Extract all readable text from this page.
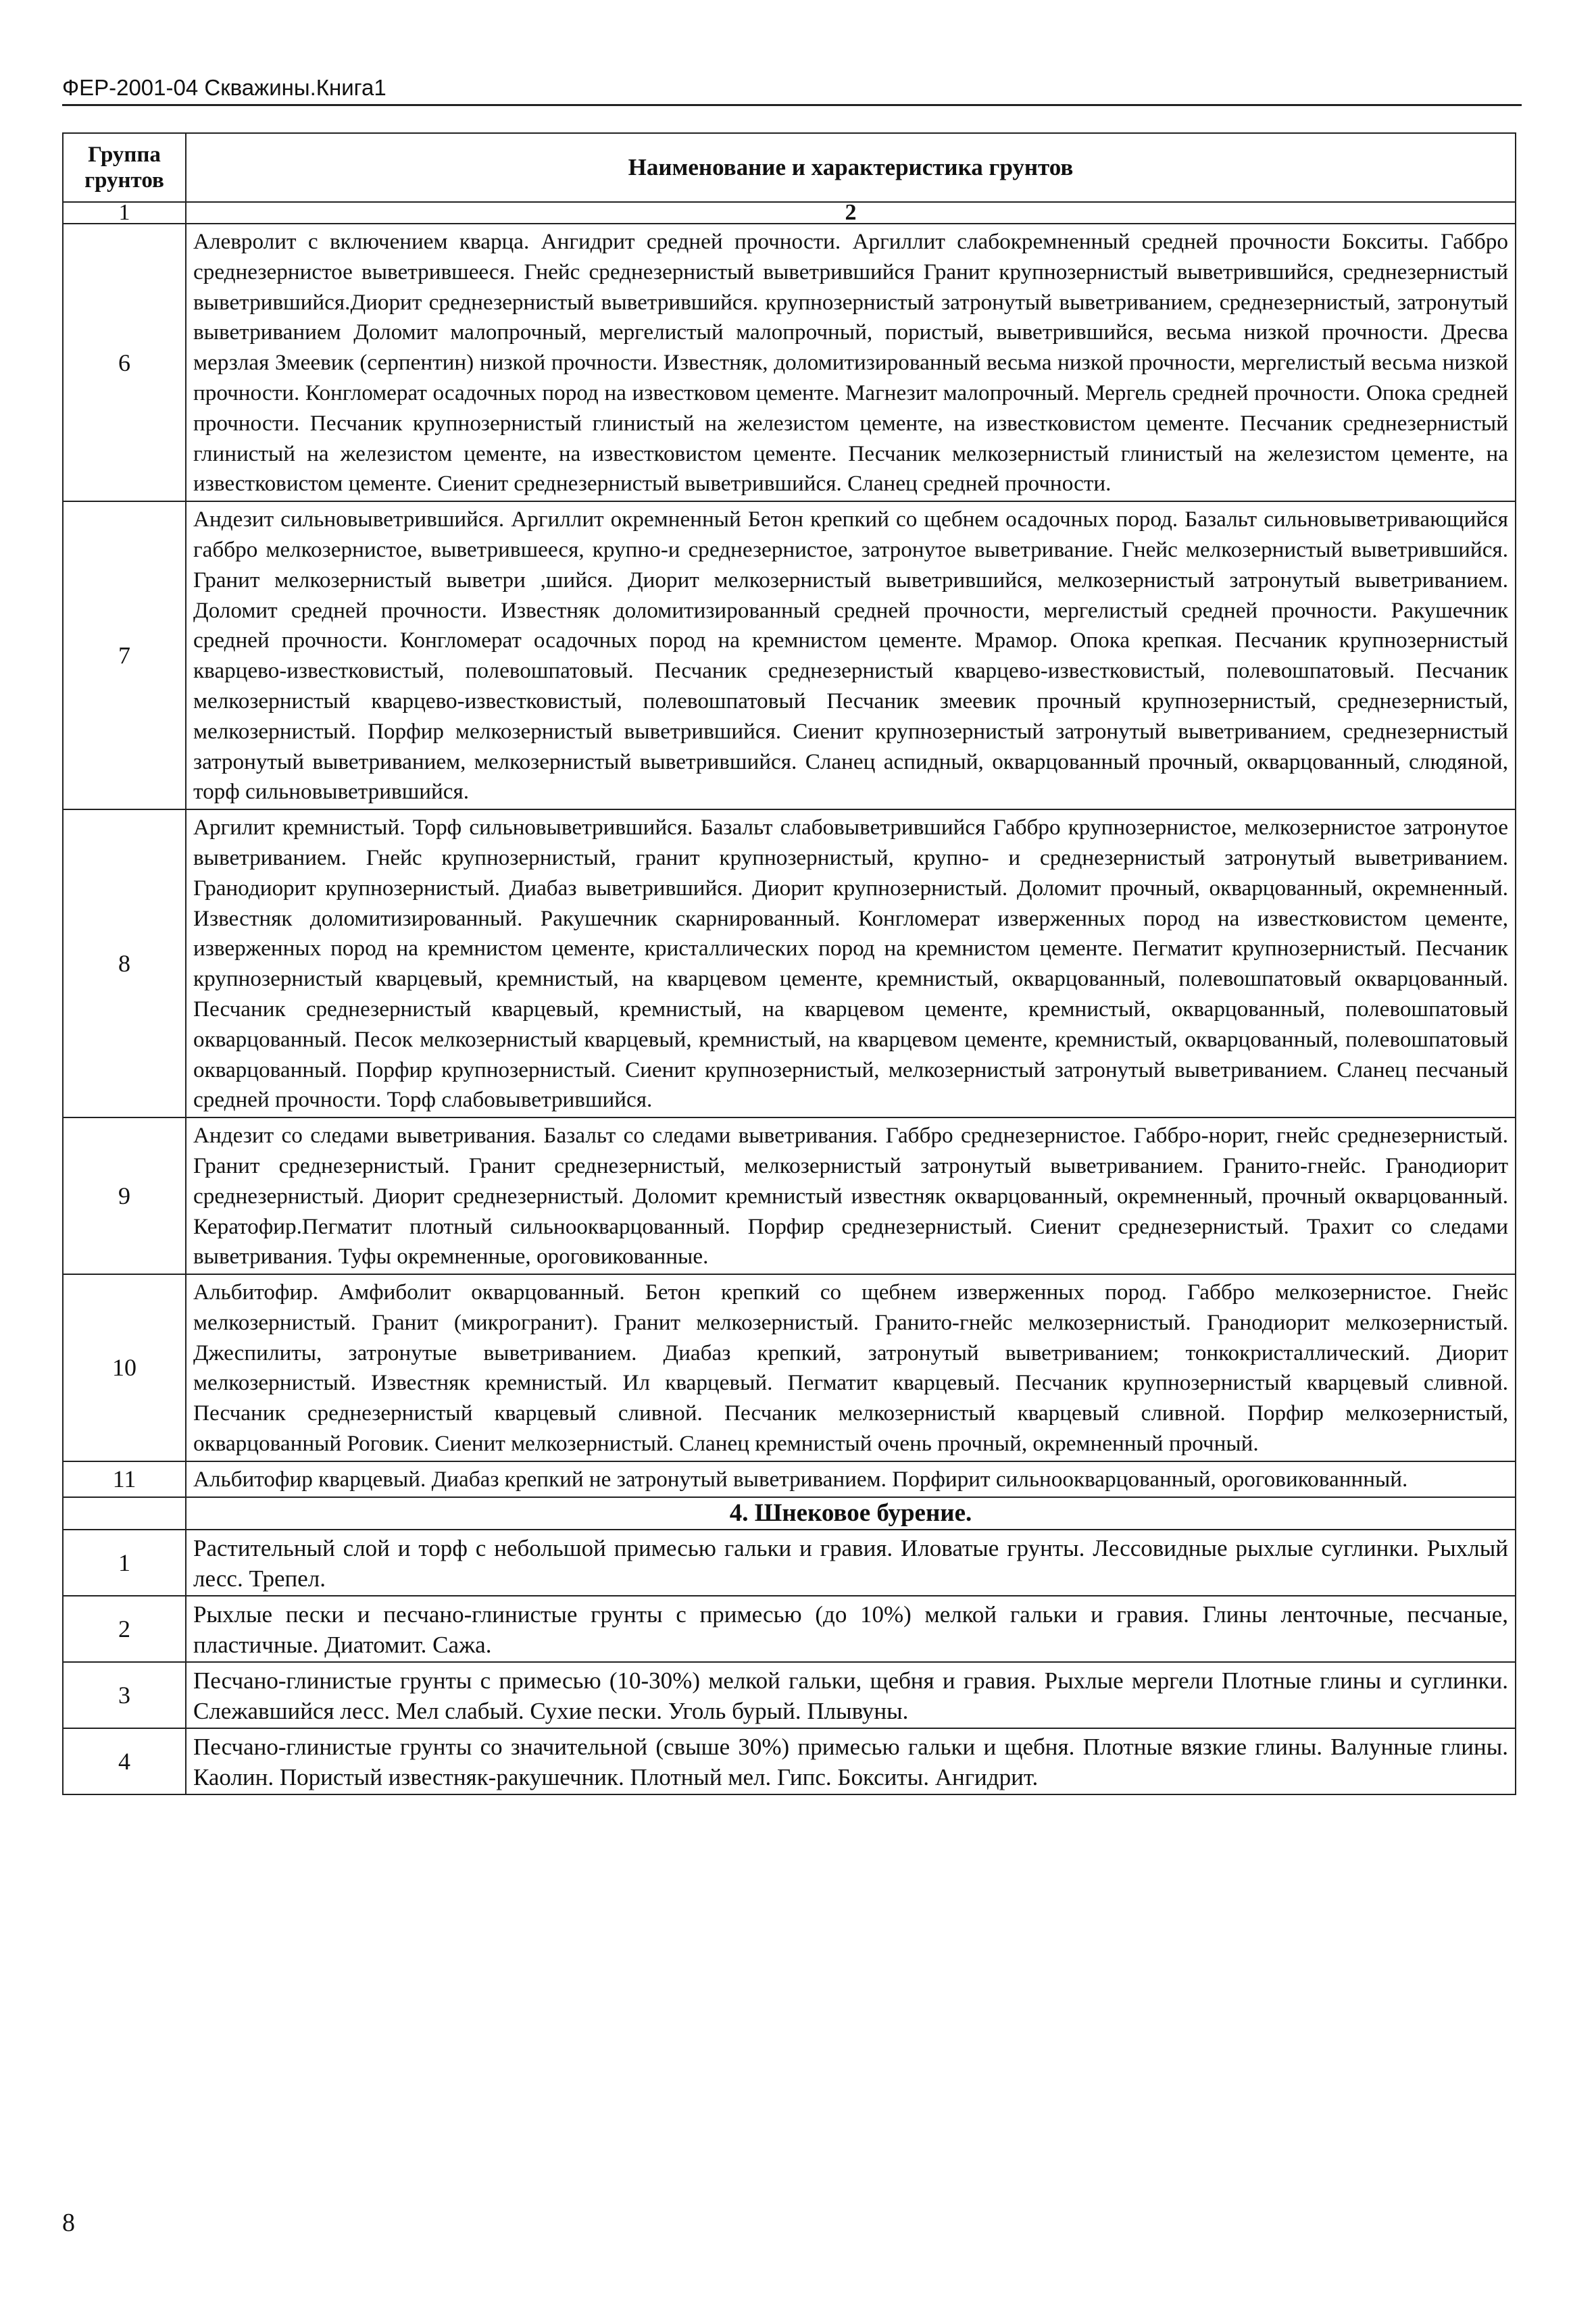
ФЕР-2001-04 Скважины.Книга1
Группа грунтов	Наименование и характеристика грунтов
1	2
6	Алевролит с включением кварца. Ангидрит средней прочности. Аргиллит слабокремненный средней прочности Бокситы. Габбро среднезернистое выветрившееся. Гнейс среднезернистый выветрившийся Гранит крупнозернистый выветрившийся, среднезернистый выветрившийся.Диорит среднезернистый выветрившийся. крупнозернистый затронутый выветриванием, среднезернистый, затронутый выветриванием Доломит малопрочный, мергелистый малопрочный, пористый, выветрившийся, весьма низкой прочности. Дресва мерзлая Змеевик (серпентин) низкой прочности. Известняк, доломитизированный весьма низкой прочности, мергелистый весьма низкой прочности. Конгломерат осадочных пород на известковом цементе. Магнезит малопрочный. Мергель средней прочности. Опока средней прочности. Песчаник крупнозернистый глинистый на железистом цементе, на известковистом цементе. Песчаник среднезернистый глинистый на железистом цементе, на известковистом цементе. Песчаник мелкозернистый глинистый на железистом цементе, на известковистом цементе. Сиенит среднезернистый выветрившийся. Сланец средней прочности.
7	Андезит сильновыветрившийся. Аргиллит окремненный Бетон крепкий со щебнем осадочных пород. Базальт сильновыветривающийся габбро мелкозернистое, выветрившееся, крупно-и среднезернистое, затронутое выветривание. Гнейс мелкозернистый выветрившийся. Гранит мелкозернистый выветри ,шийся. Диорит мелкозернистый выветрившийся, мелкозернистый затронутый выветриванием. Доломит средней прочности. Известняк доломитизированный средней прочности, мергелистый средней прочности. Ракушечник средней прочности. Конгломерат осадочных пород на кремнистом цементе. Мрамор. Опока крепкая. Песчаник крупнозернистый кварцево-известковистый, полевошпатовый. Песчаник среднезернистый кварцево-известковистый, полевошпатовый. Песчаник мелкозернистый кварцево-известковистый, полевошпатовый Песчаник змеевик прочный крупнозернистый, среднезернистый, мелкозернистый. Порфир мелкозернистый выветрившийся. Сиенит крупнозернистый затронутый выветриванием, среднезернистый затронутый выветриванием, мелкозернистый выветрившийся. Сланец аспидный, окварцованный прочный, окварцованный, слюдяной, торф сильновыветрившийся.
8	Аргилит кремнистый. Торф сильновыветрившийся. Базальт слабовыветрившийся Габбро крупнозернистое, мелкозернистое затронутое выветриванием. Гнейс крупнозернистый, гранит крупнозернистый, крупно- и среднезернистый затронутый выветриванием. Гранодиорит крупнозернистый. Диабаз выветрившийся. Диорит крупнозернистый. Доломит прочный, окварцованный, окремненный. Известняк доломитизированный. Ракушечник скарнированный. Конгломерат изверженных пород на известковистом цементе, изверженных пород на кремнистом цементе, кристаллических пород на кремнистом цементе. Пегматит крупнозернистый. Песчаник крупнозернистый кварцевый, кремнистый, на кварцевом цементе, кремнистый, окварцованный, полевошпатовый окварцованный. Песчаник среднезернистый кварцевый, кремнистый, на кварцевом цементе, кремнистый, окварцованный, полевошпатовый окварцованный. Песок мелкозернистый кварцевый, кремнистый, на кварцевом цементе, кремнистый, окварцованный, полевошпатовый окварцованный. Порфир крупнозернистый. Сиенит крупнозернистый, мелкозернистый затронутый выветриванием. Сланец песчаный средней прочности. Торф слабовыветрившийся.
9	Андезит со следами выветривания. Базальт со следами выветривания. Габбро среднезернистое. Габбро-норит, гнейс среднезернистый. Гранит среднезернистый. Гранит среднезернистый, мелкозернистый затронутый выветриванием. Гранито-гнейс. Гранодиорит среднезернистый. Диорит среднезернистый. Доломит кремнистый известняк окварцованный, окремненный, прочный окварцованный. Кератофир.Пегматит плотный сильноокварцованный. Порфир среднезернистый. Сиенит среднезернистый. Трахит со следами выветривания. Туфы окремненные, ороговикованные.
10	Альбитофир. Амфиболит окварцованный. Бетон крепкий со щебнем изверженных пород. Габбро мелкозернистое. Гнейс мелкозернистый. Гранит (микрогранит). Гранит мелкозернистый. Гранито-гнейс мелкозернистый. Гранодиорит мелкозернистый. Джеспилиты, затронутые выветриванием. Диабаз крепкий, затронутый выветриванием; тонкокристаллический. Диорит мелкозернистый. Известняк кремнистый. Ил кварцевый. Пегматит кварцевый. Песчаник крупнозернистый кварцевый сливной. Песчаник среднезернистый кварцевый сливной. Песчаник мелкозернистый кварцевый сливной. Порфир мелкозернистый, окварцованный Роговик. Сиенит мелкозернистый. Сланец кремнистый очень прочный, окремненный прочный.
11	Альбитофир кварцевый. Диабаз крепкий не затронутый выветриванием. Порфирит сильноокварцованный, ороговикованнный.
	4. Шнековое бурение.
1	Растительный слой и торф с небольшой примесью гальки и гравия. Иловатые грунты. Лессовидные рыхлые суглинки. Рыхлый лесс. Трепел.
2	Рыхлые пески и песчано-глинистые грунты с примесью (до 10%) мелкой гальки и гравия. Глины ленточные, песчаные, пластичные. Диатомит. Сажа.
3	Песчано-глинистые грунты с примесью (10-30%) мелкой гальки, щебня и гравия. Рыхлые мергели Плотные глины и суглинки. Слежавшийся лесс. Мел слабый. Сухие пески. Уголь бурый. Плывуны.
4	Песчано-глинистые грунты со значительной (свыше 30%) примесью гальки и щебня. Плотные вязкие глины. Валунные глины. Каолин. Пористый известняк-ракушечник. Плотный мел. Гипс. Бокситы. Ангидрит.
8
